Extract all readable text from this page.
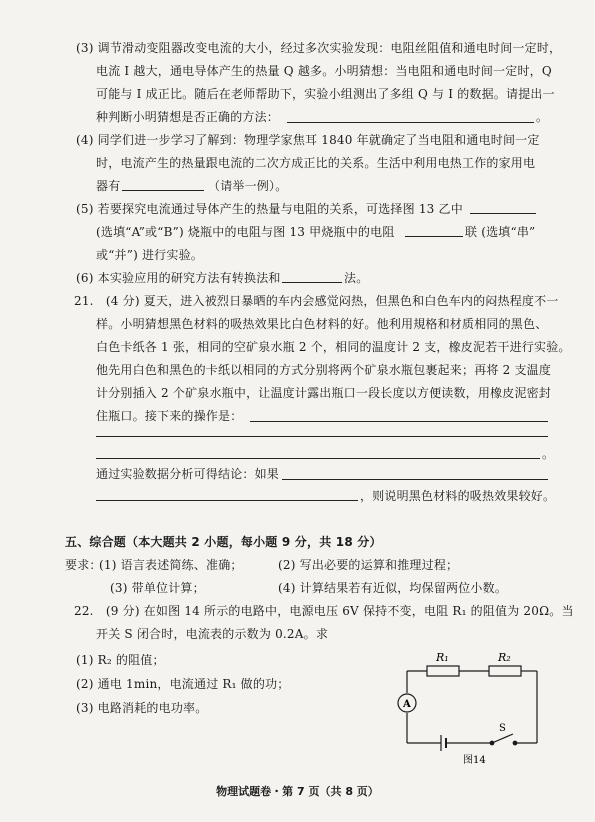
(3) 调节滑动变阻器改变电流的大小，经过多次实验发现：电阻丝阻值和通电时间一定时，
电流 I 越大，通电导体产生的热量 Q 越多。小明猜想：当电阻和通电时间一定时，Q
可能与 I 成正比。随后在老师帮助下，实验小组测出了多组 Q 与 I 的数据。请提出一
种判断小明猜想是否正确的方法：	。
(4) 同学们进一步学习了解到：物理学家焦耳 1840 年就确定了当电阻和通电时间一定
时，电流产生的热量跟电流的二次方成正比的关系。生活中利用电热工作的家用电
器有	（请举一例）。
(5) 若要探究电流通过导体产生的热量与电阻的关系，可选择图 13 乙中
(选填“A”或“B”) 烧瓶中的电阻与图 13 甲烧瓶中的电阻	联 (选填“串”
或“并”) 进行实验。
(6) 本实验应用的研究方法有转换法和	法。
21.　(4 分) 夏天，进入被烈日暴晒的车内会感觉闷热，但黑色和白色车内的闷热程度不一
样。小明猜想黑色材料的吸热效果比白色材料的好。他利用規格和材质相同的黑色、
白色卡纸各 1 张，相同的空矿泉水瓶 2 个，相同的温度计 2 支，橡皮泥若干进行实验。
他先用白色和黑色的卡纸以相同的方式分别将两个矿泉水瓶包裹起来；再将 2 支温度
计分别插入 2 个矿泉水瓶中，让温度计露出瓶口一段长度以方便读数，用橡皮泥密封
住瓶口。接下来的操作是：
。
通过实验数据分析可得结论：如果
，则说明黑色材料的吸热效果较好。
五、综合题（本大题共 2 小题，每小题 9 分，共 18 分）
要求：
(1) 语言表述简练、准确；	(2) 写出必要的运算和推理过程；
(3) 带单位计算；	(4) 计算结果若有近似，均保留两位小数。
22.　(9 分) 在如图 14 所示的电路中，电源电压 6V 保持不变，电阻 R₁ 的阻值为 20Ω。当
开关 S 闭合时，电流表的示数为 0.2A。求
(1) R₂ 的阻值；
(2) 通电 1min，电流通过 R₁ 做的功；
(3) 电路消耗的电功率。
R₁	R₂
A
S
图14
物理试题卷・第 7 页（共 8 页）
